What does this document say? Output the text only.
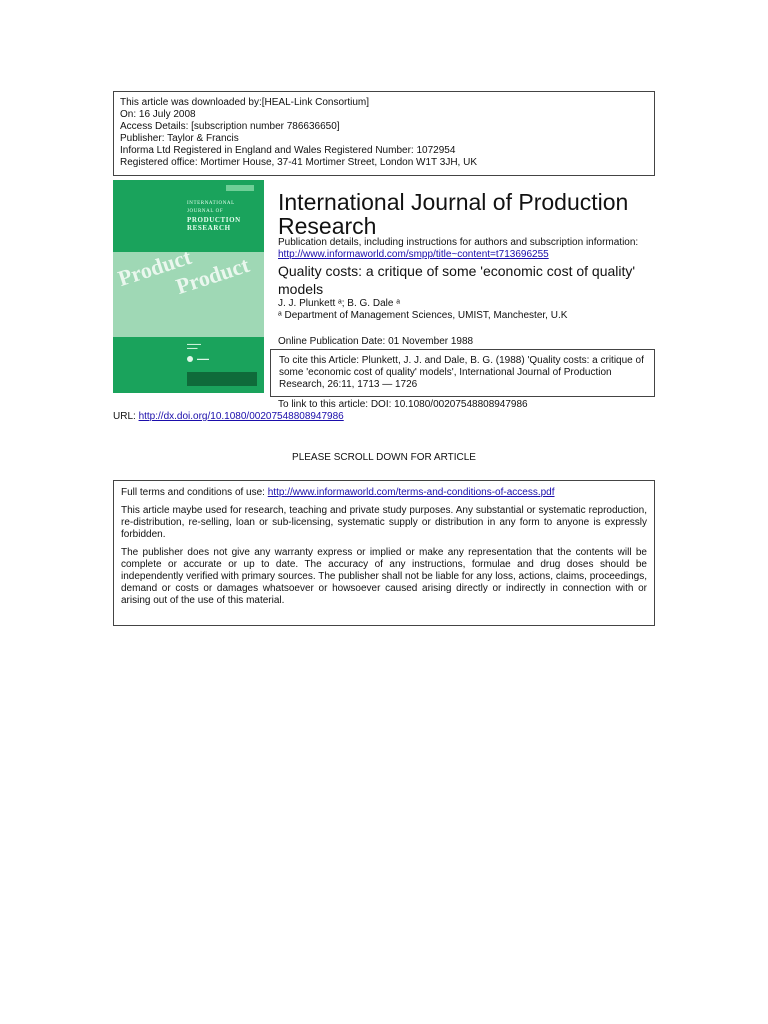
This article was downloaded by:[HEAL-Link Consortium]
On: 16 July 2008
Access Details: [subscription number 786636650]
Publisher: Taylor & Francis
Informa Ltd Registered in England and Wales Registered Number: 1072954
Registered office: Mortimer House, 37-41 Mortimer Street, London W1T 3JH, UK
INTERNATIONAL
JOURNAL OF
PRODUCTION
RESEARCH
Product
Product
▬▬▬▬
▬▬▬
▬▬▬
International Journal of Production Research
Publication details, including instructions for authors and subscription information:
http://www.informaworld.com/smpp/title~content=t713696255
Quality costs: a critique of some 'economic cost of quality' models
J. J. Plunkett ᵃ; B. G. Dale ᵃ
ᵃ Department of Management Sciences, UMIST, Manchester, U.K
Online Publication Date: 01 November 1988
To cite this Article: Plunkett, J. J. and Dale, B. G. (1988) 'Quality costs: a critique of some 'economic cost of quality' models', International Journal of Production Research, 26:11, 1713 — 1726
To link to this article: DOI: 10.1080/00207548808947986
URL: http://dx.doi.org/10.1080/00207548808947986
PLEASE SCROLL DOWN FOR ARTICLE

Full terms and conditions of use: http://www.informaworld.com/terms-and-conditions-of-access.pdf

This article maybe used for research, teaching and private study purposes. Any substantial or systematic reproduction, re-distribution, re-selling, loan or sub-licensing, systematic supply or distribution in any form to anyone is expressly forbidden.

The publisher does not give any warranty express or implied or make any representation that the contents will be complete or accurate or up to date. The accuracy of any instructions, formulae and drug doses should be independently verified with primary sources. The publisher shall not be liable for any loss, actions, claims, proceedings, demand or costs or damages whatsoever or howsoever caused arising directly or indirectly in connection with or arising out of the use of this material.
